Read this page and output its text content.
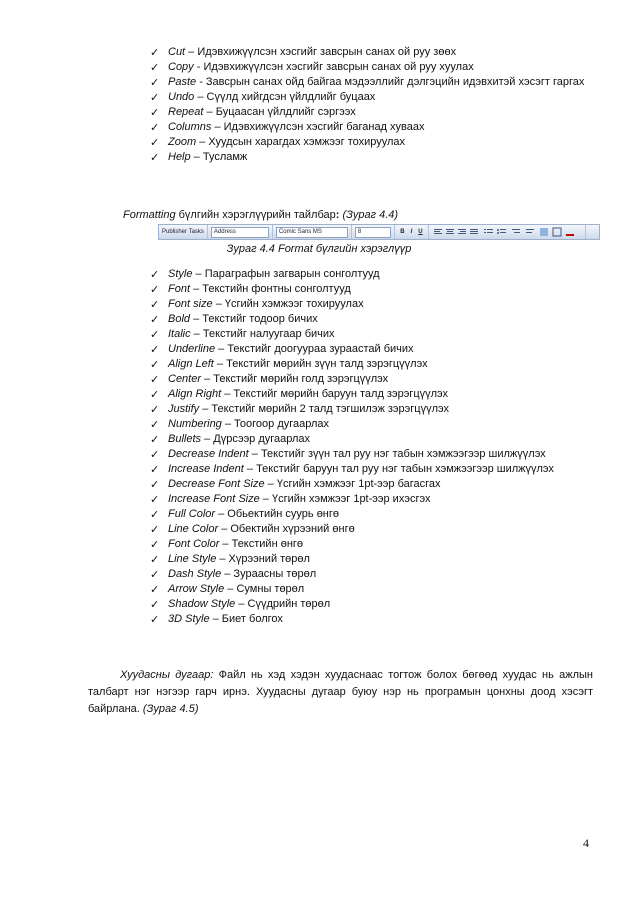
✓ Cut – Идэвхижүүлсэн хэсгийг завсрын санах ой руу зөөх
✓ Copy - Идэвхижүүлсэн хэсгийг завсрын санах ой руу хуулах
✓ Paste - Завсрын санах ойд байгаа мэдээллийг дэлгэцийн идэвхитэй хэсэгт гаргах
✓ Undo – Сүүлд хийгдсэн үйлдлийг буцаах
✓ Repeat – Буцаасан үйлдлийг сэргээх
✓ Columns – Идэвхижүүлсэн хэсгийг баганад хуваах
✓ Zoom – Хуудсын харагдах хэмжээг тохируулах
✓ Help – Тусламж
Formatting бүлгийн хэрэглүүрийн тайлбар: (Зураг 4.4)
Publisher Tasks Address	Comic Sans MS	8	B I U
Зураг 4.4 Format бүлгийн хэрэглүүр
✓ Style – Параграфын загварын сонголтууд
✓ Font – Текстийн фонтны сонголтууд
✓ Font size – Үсгийн хэмжээг тохируулах
✓ Bold – Текстийг тодоор бичих
✓ Italic – Текстийг налуугаар бичих
✓ Underline – Текстийг доогуураа зураастай бичих
✓ Align Left – Текстийг мөрийн зүүн талд зэрэгцүүлэх
✓ Center – Текстийг мөрийн голд зэрэгцүүлэх
✓ Align Right – Текстийг мөрийн баруун талд зэрэгцүүлэх
✓ Justify – Текстийг мөрийн 2 талд тэгшилэж зэрэгцүүлэх
✓ Numbering – Тоогоор дугаарлах
✓ Bullets – Дүрсээр дугаарлах
✓ Decrease Indent – Текстийг зүүн тал руу нэг табын хэмжээгээр шилжүүлэх
✓ Increase Indent – Текстийг баруун тал руу нэг табын хэмжээгээр шилжүүлэх
✓ Decrease Font Size – Үсгийн хэмжээг 1pt-ээр багасгах
✓ Increase Font Size – Үсгийн хэмжээг 1pt-ээр ихэсгэх
✓ Full Color – Обьектийн суурь өнгө
✓ Line Color – Обектийн хүрээний өнгө
✓ Font Color – Текстийн өнгө
✓ Line Style – Хүрээний төрөл
✓ Dash Style – Зураасны төрөл
✓ Arrow Style – Сумны төрөл
✓ Shadow Style – Сүүдрийн төрөл
✓ 3D Style – Биет болгох
Хуудасны дугаар: Файл нь хэд хэдэн хуудаснаас тогтож болох бөгөөд хуудас нь ажлын талбарт нэг нэгээр гарч ирнэ. Хуудасны дугаар буюу нэр нь програмын цонхны доод хэсэгт байрлана. (Зураг 4.5)
4
